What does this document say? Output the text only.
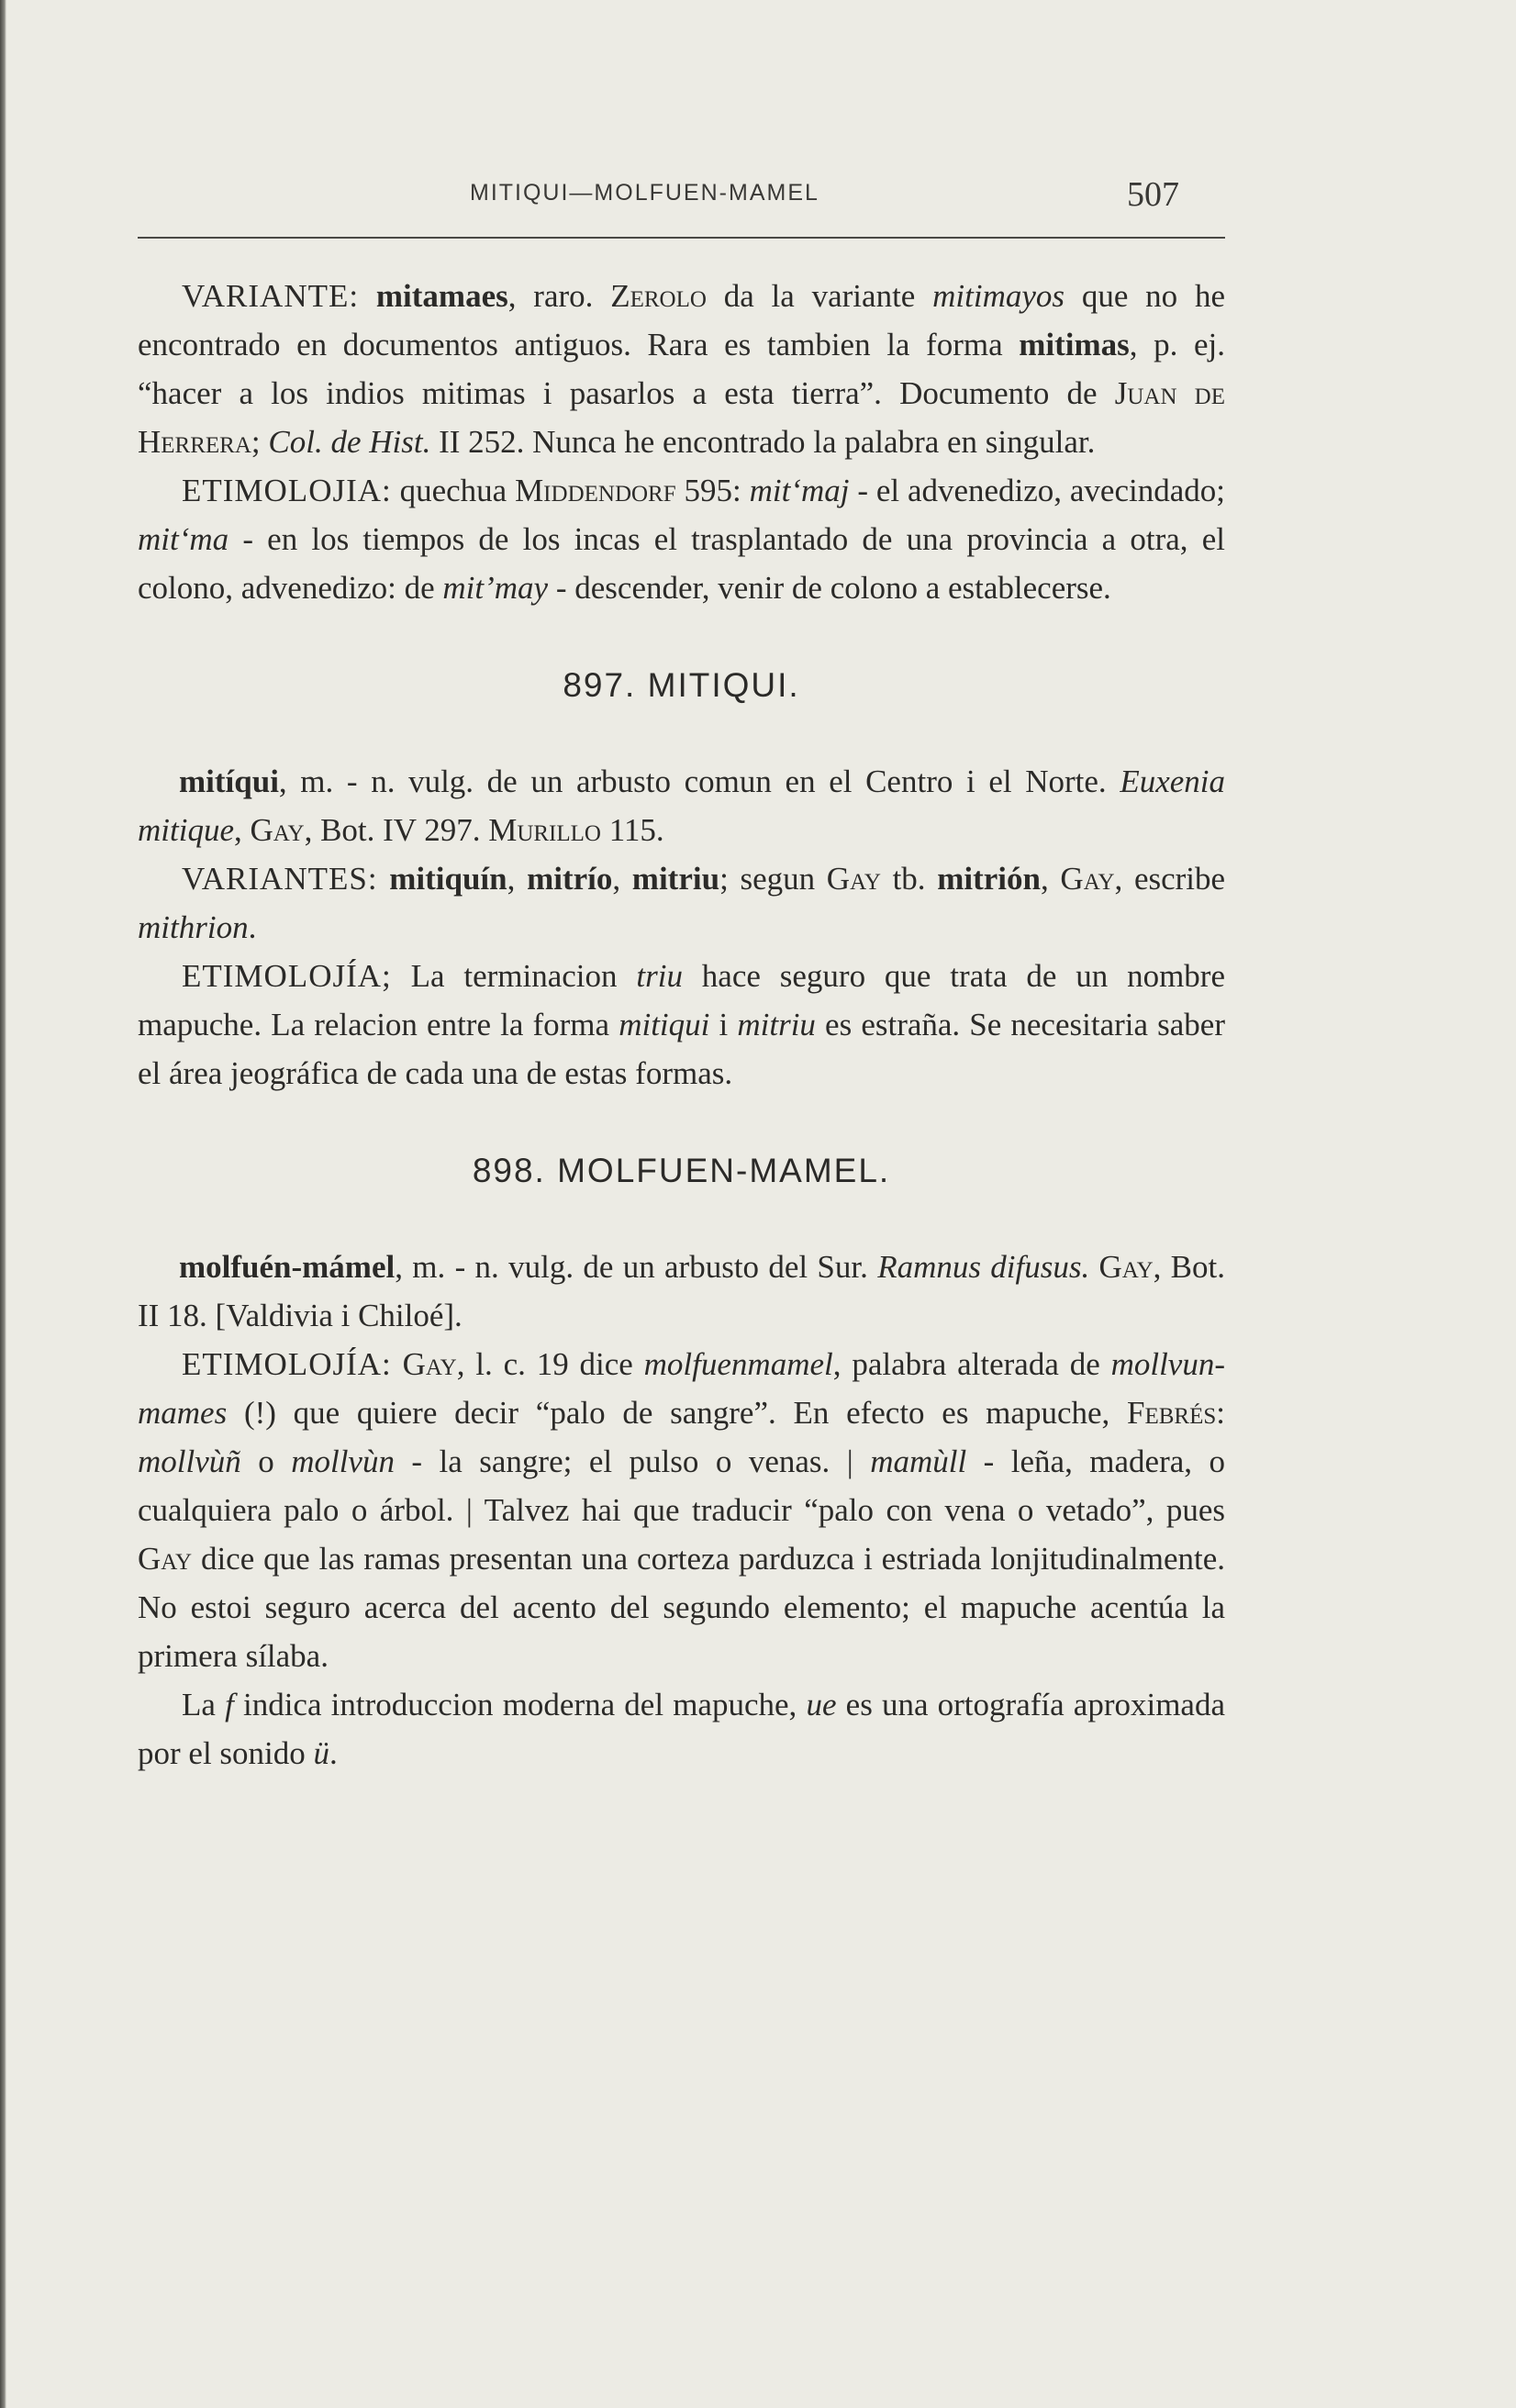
MITIQUI—MOLFUEN-MAMEL	507

VARIANTE: mitamaes, raro. Zerolo da la variante mitimayos que no he encontrado en documentos antiguos. Rara es tambien la forma mitimas, p. ej. “hacer a los indios mitimas i pasarlos a esta tierra”. Documento de Juan de Herrera; Col. de Hist. II 252. Nunca he encontrado la palabra en singular.

ETIMOLOJIA: quechua Middendorf 595: mit‘maj - el advenedizo, avecindado; mit‘ma - en los tiempos de los incas el trasplantado de una provincia a otra, el colono, advenedizo: de mit’may - descender, venir de colono a establecerse.

897. MITIQUI.

mitíqui, m. - n. vulg. de un arbusto comun en el Centro i el Norte. Euxenia mitique, Gay, Bot. IV 297. Murillo 115.

VARIANTES: mitiquín, mitrío, mitriu; segun Gay tb. mitrión, Gay, escribe mithrion.

ETIMOLOJÍA; La terminacion triu hace seguro que trata de un nombre mapuche. La relacion entre la forma mitiqui i mitriu es estraña. Se necesitaria saber el área jeográfica de cada una de estas formas.

898. MOLFUEN-MAMEL.

molfuén-mámel, m. - n. vulg. de un arbusto del Sur. Ramnus difusus. Gay, Bot. II 18. [Valdivia i Chiloé].

ETIMOLOJÍA: Gay, l. c. 19 dice molfuenmamel, palabra alterada de mollvun-mames (!) que quiere decir “palo de sangre”. En efecto es mapuche, Febrés: mollvùñ o mollvùn - la sangre; el pulso o venas. | mamùll - leña, madera, o cualquiera palo o árbol. | Talvez hai que traducir “palo con vena o vetado”, pues Gay dice que las ramas presentan una corteza parduzca i estriada lonjitudinalmente. No estoi seguro acerca del acento del segundo elemento; el mapuche acentúa la primera sílaba.

La f indica introduccion moderna del mapuche, ue es una ortografía aproximada por el sonido ü.
